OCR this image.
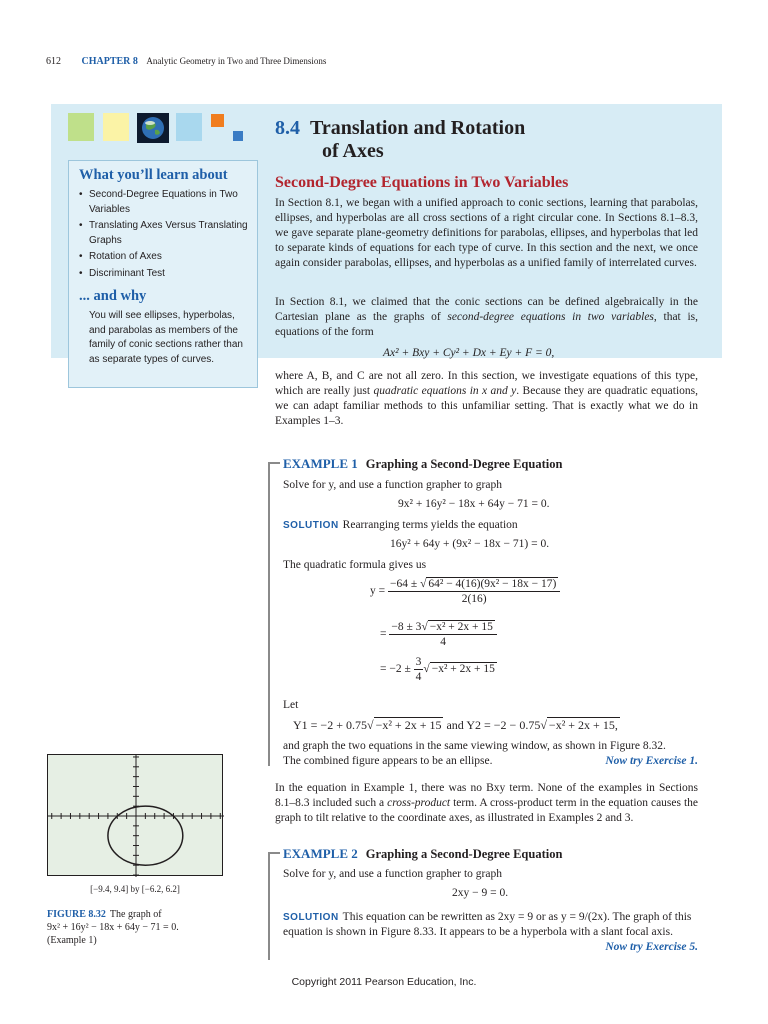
612 CHAPTER 8 Analytic Geometry in Two and Three Dimensions
What you’ll learn about
• Second-Degree Equations in Two Variables
• Translating Axes Versus Translating Graphs
• Rotation of Axes
• Discriminant Test
... and why
You will see ellipses, hyperbolas, and parabolas as members of the family of conic sections rather than as separate types of curves.
8.4 Translation and Rotation
of Axes
Second-Degree Equations in Two Variables
In Section 8.1, we began with a unified approach to conic sections, learning that parabolas, ellipses, and hyperbolas are all cross sections of a right circular cone. In Sections 8.1–8.3, we gave separate plane-geometry definitions for parabolas, ellipses, and hyperbolas that led to separate kinds of equations for each type of curve. In this section and the next, we once again consider parabolas, ellipses, and hyperbolas as a unified family of interrelated curves.
In Section 8.1, we claimed that the conic sections can be defined algebraically in the Cartesian plane as the graphs of second-degree equations in two variables, that is, equations of the form
Ax² + Bxy + Cy² + Dx + Ey + F = 0,
where A, B, and C are not all zero. In this section, we investigate equations of this type, which are really just quadratic equations in x and y. Because they are quadratic equations, we can adapt familiar methods to this unfamiliar setting. That is exactly what we do in Examples 1–3.
EXAMPLE 1 Graphing a Second-Degree Equation
Solve for y, and use a function grapher to graph
9x² + 16y² − 18x + 64y − 71 = 0.
SOLUTION Rearranging terms yields the equation
16y² + 64y + (9x² − 18x − 71) = 0.
The quadratic formula gives us
$y = \frac{\text{−64 ± √ 64² − 4(16)(9x² − 18x − 17)}}{2(16)}$
= $\frac{\text{−8 ± 3√ −x² + 2x + 15}}{4}$
= $-2 \pm \frac{3}{4}$ √ −x² + 2x + 15
Let
Y1 = −2 + 0.75√ −x² + 2x + 15 and Y2 = −2 − 0.75√ −x² + 2x + 15,
and graph the two equations in the same viewing window, as shown in Figure 8.32.
The combined figure appears to be an ellipse.	Now try Exercise 1.
In the equation in Example 1, there was no Bxy term. None of the examples in Sections 8.1–8.3 included such a cross-product term. A cross-product term in the equation causes the graph to tilt relative to the coordinate axes, as illustrated in Examples 2 and 3.
EXAMPLE 2 Graphing a Second-Degree Equation
Solve for y, and use a function grapher to graph
2xy − 9 = 0.
SOLUTION This equation can be rewritten as 2xy = 9 or as y = 9/(2x). The graph of this equation is shown in Figure 8.33. It appears to be a hyperbola with a slant focal axis.
Now try Exercise 5.
[−9.4, 9.4] by [−6.2, 6.2]
FIGURE 8.32 The graph of
9x² + 16y² − 18x + 64y − 71 = 0.
(Example 1)
Copyright 2011 Pearson Education, Inc.
